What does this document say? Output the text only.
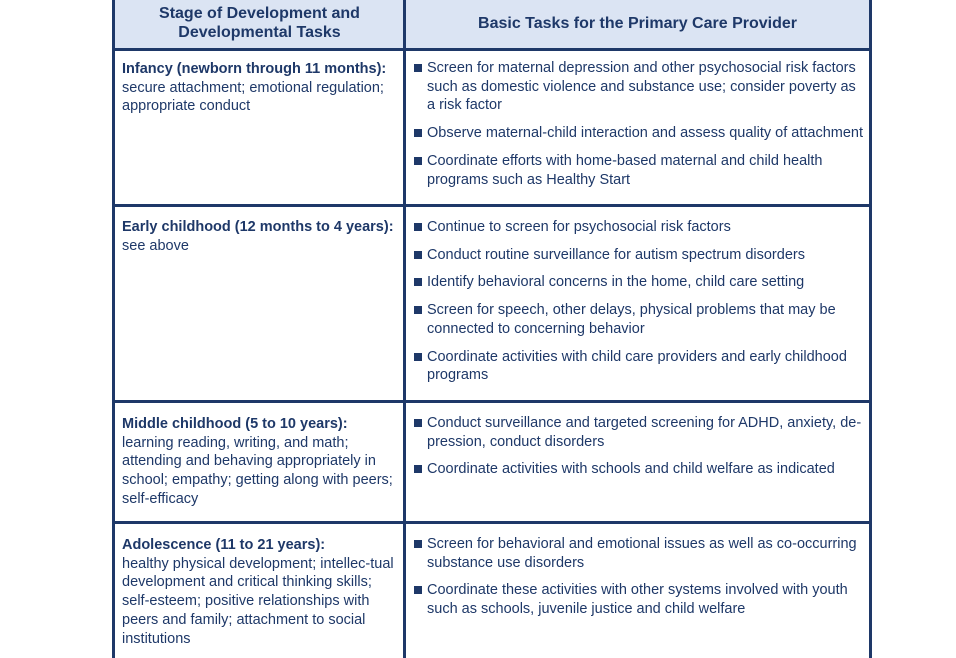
Stage of Development and
Developmental Tasks
Basic Tasks for the Primary Care Provider
Infancy (newborn through 11 months):
secure attachment; emotional regulation; appropriate conduct
Screen for maternal depression and other psychosocial risk factors such as domestic violence and substance use; consider poverty as a risk factor
Observe maternal-child interaction and assess quality of attachment
Coordinate efforts with home-based maternal and child health programs such as Healthy Start
Early childhood (12 months to 4 years):
see above
Continue to screen for psychosocial risk factors
Conduct routine surveillance for autism spectrum disorders
Identify behavioral concerns in the home, child care setting
Screen for speech, other delays, physical problems that may be connected to concerning behavior
Coordinate activities with child care providers and early childhood programs
Middle childhood (5 to 10 years):
learning reading, writing, and math; attending and behaving appropriately in school; empathy; getting along with peers; self-efficacy
Conduct surveillance and targeted screening for ADHD, anxiety, de-pression, conduct disorders
Coordinate activities with schools and child welfare as indicated
Adolescence (11 to 21 years):
healthy physical development; intellec-tual development and critical thinking skills; self-esteem; positive relationships with peers and family; attachment to social institutions
Screen for behavioral and emotional issues as well as co-occurring substance use disorders
Coordinate these activities with other systems involved with youth such as schools, juvenile justice and child welfare
